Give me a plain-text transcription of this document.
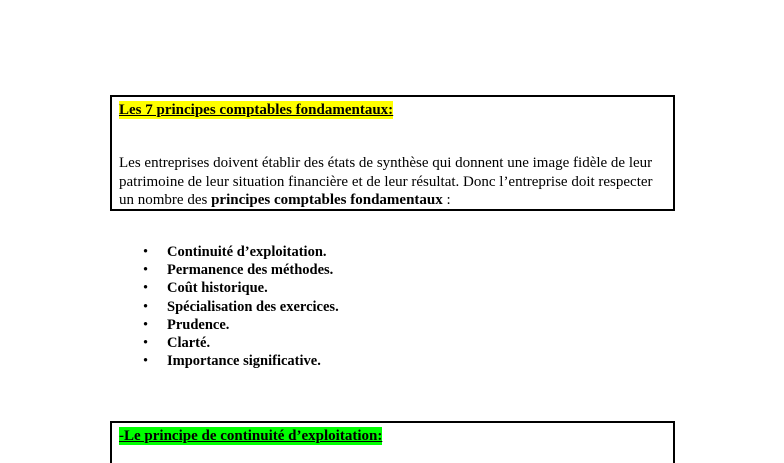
Les 7 principes comptables fondamentaux:
Les entreprises doivent établir des états de synthèse qui donnent une image fidèle de leur patrimoine de leur situation financière et de leur résultat. Donc l’entreprise doit respecter un nombre des principes comptables fondamentaux :
• Continuité d’exploitation.
• Permanence des méthodes.
• Coût historique.
• Spécialisation des exercices.
• Prudence.
• Clarté.
• Importance significative.
-Le principe de continuité d’exploitation:
